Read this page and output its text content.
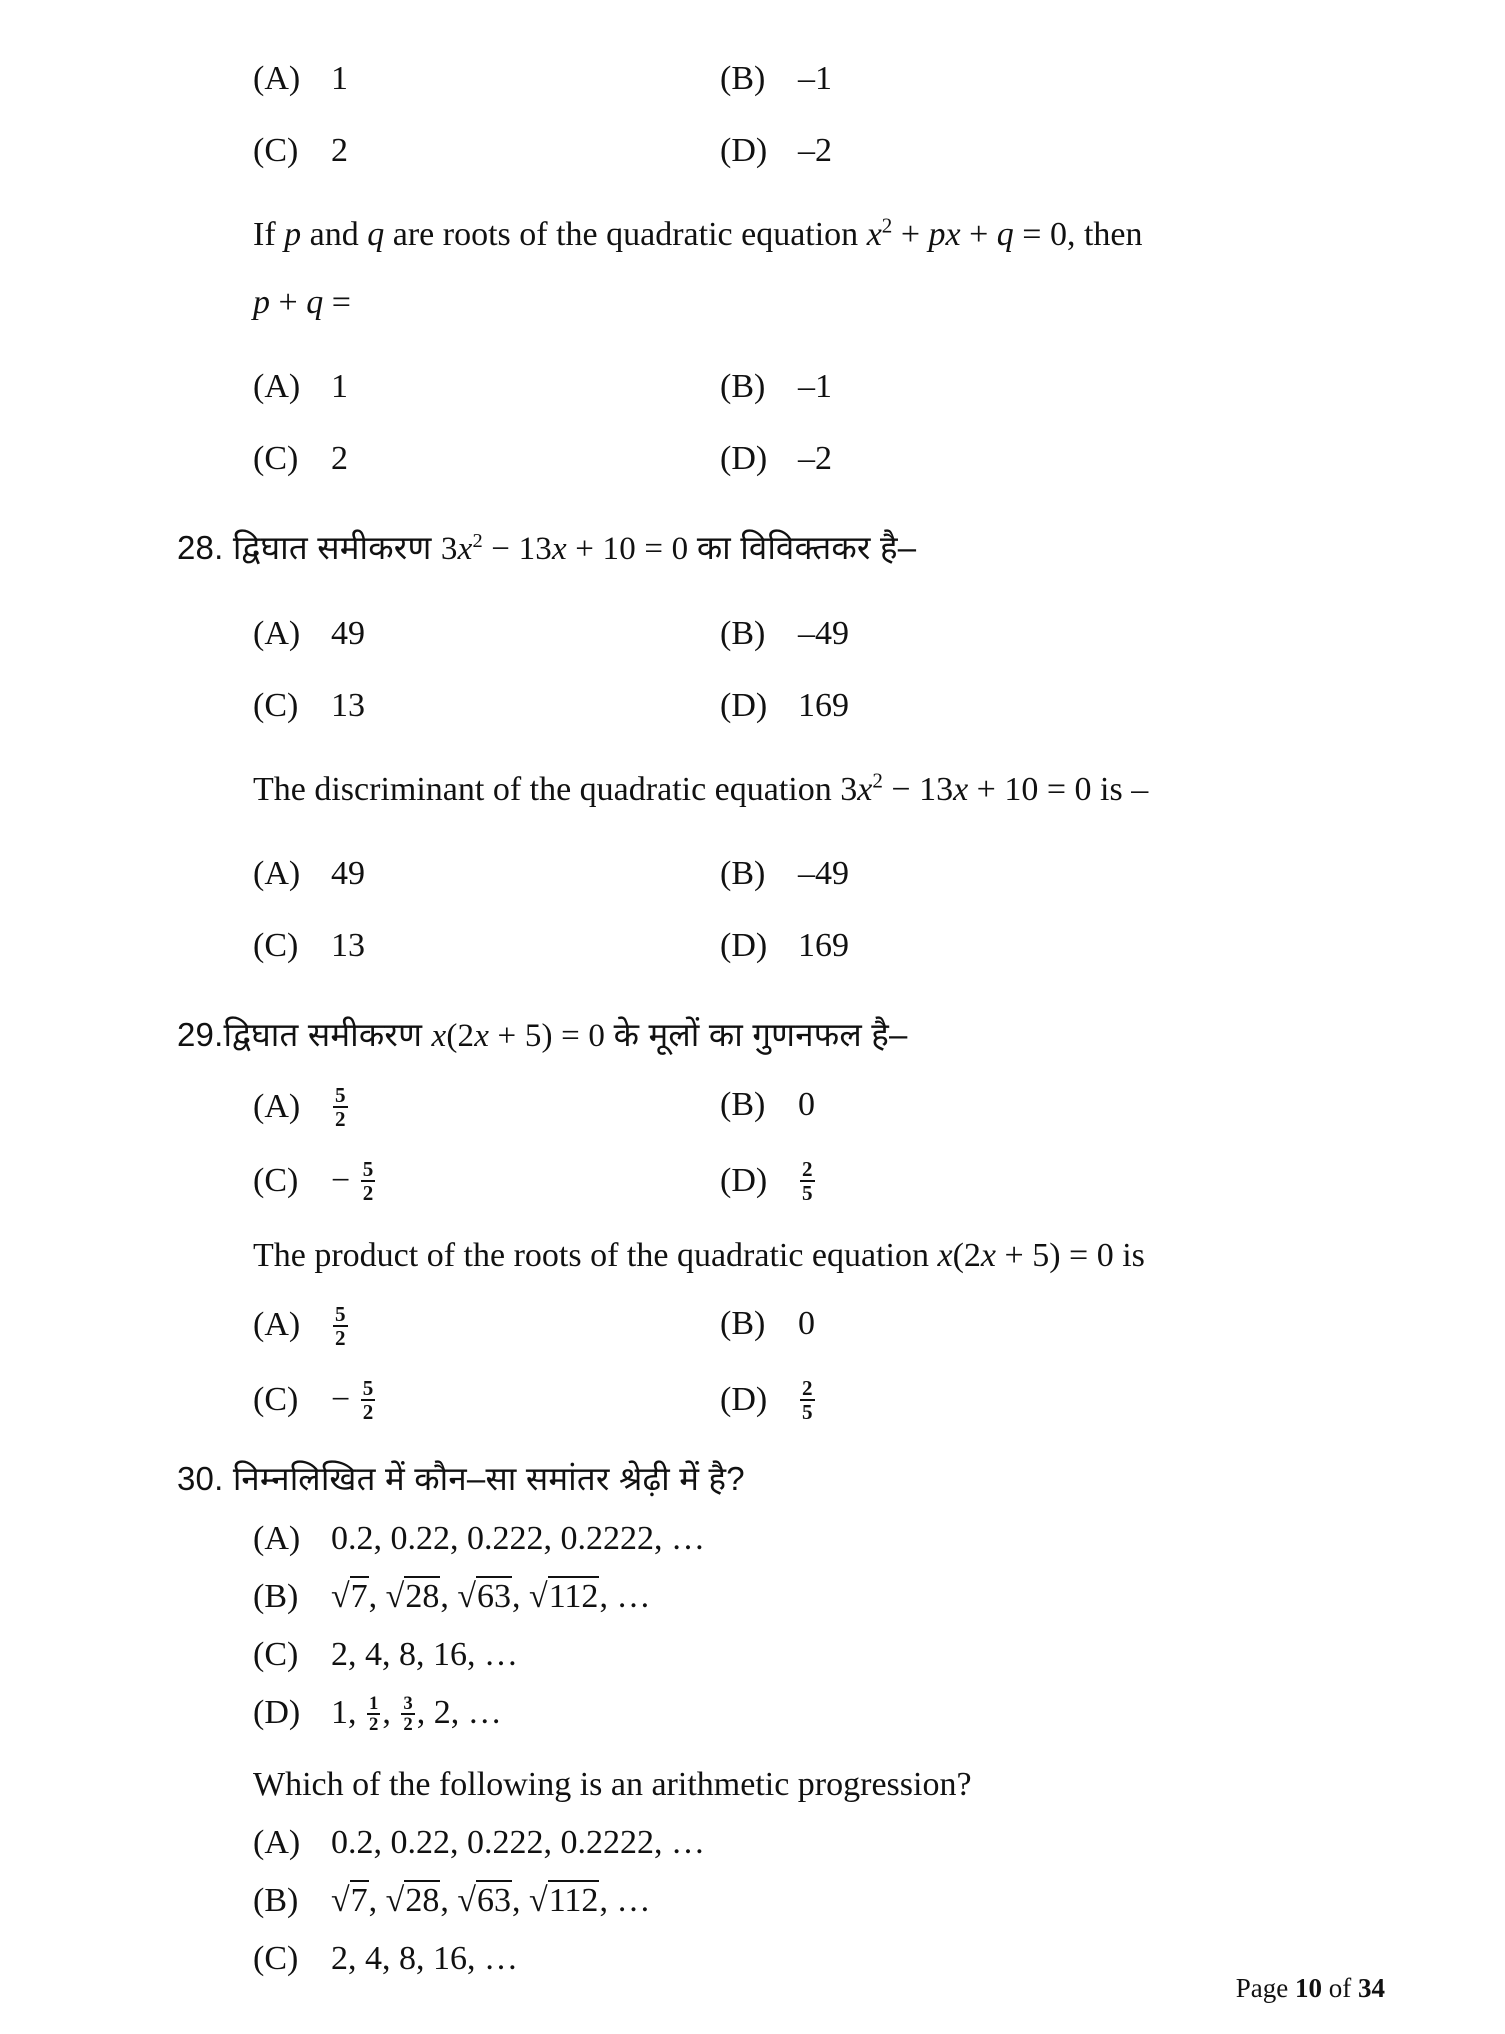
(A) 1	(B) –1
(C) 2	(D) –2
If p and q are roots of the quadratic equation $x^2$ + px + q = 0, then
p + q =
(A) 1	(B) –1
(C) 2	(D) –2
28. द्विघात समीकरण $3x^2 - 13x + 10 = 0$ का विविक्तकर है–
(A) 49	(B) –49
(C) 13	(D) 169
The discriminant of the quadratic equation $3x^2 - 13x + 10 = 0$ is –
(A) 49	(B) –49
(C) 13	(D) 169
29.द्विघात समीकरण x(2x + 5) = 0 के मूलों का गुणनफल है–
(A)	$\frac{5}{2}$	(B) 0
$(C) - \frac{5}{2}$	(D)	$\frac{2}{5}$
The product of the roots of the quadratic equation x(2x + 5) = 0 is
(A)	$\frac{5}{2}$	(B) 0
$(C) - \frac{5}{2}$	(D)	$\frac{2}{5}$
30. निम्नलिखित में कौन–सा समांतर श्रेढ़ी में है?
(A) 0.2, 0.22, 0.222, 0.2222, …
(B) √7, √28, √63, √112, …
(C) 2, 4, 8, 16, …
(D) 1, $\frac{1}{2}$ , $\frac{3}{2}$ , 2, …
Which of the following is an arithmetic progression?
(A) 0.2, 0.22, 0.222, 0.2222, …
(B) √7, √28, √63, √112, …
(C) 2, 4, 8, 16, …
Page 10 of 34
